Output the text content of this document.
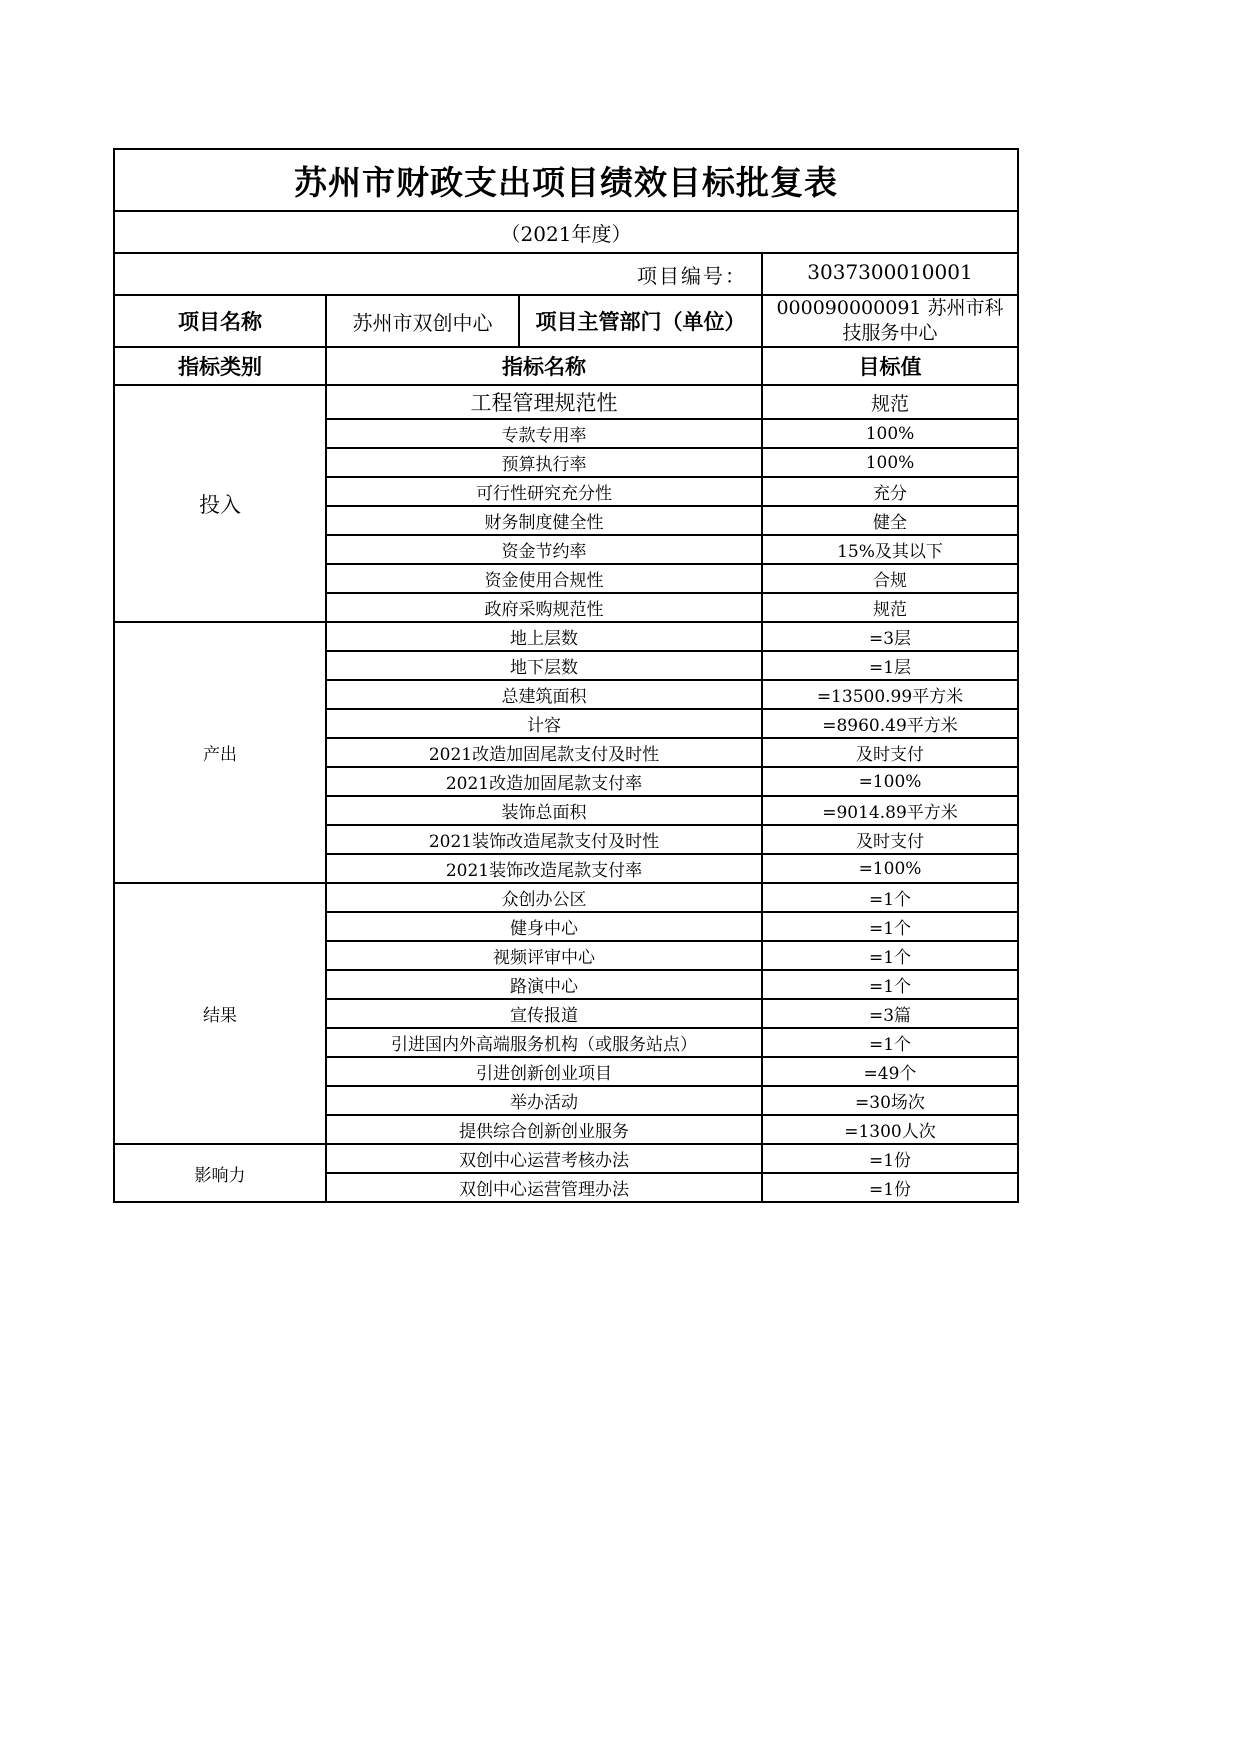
苏州市财政支出项目绩效目标批复表			
（2021年度）			
项目编号：			3037300010001
项目名称	苏州市双创中心	项目主管部门（单位）	000090000091 苏州市科技服务中心
指标类别	指标名称		目标值
投入	工程管理规范性		规范
	专款专用率		100%
	预算执行率		100%
	可行性研究充分性		充分
	财务制度健全性		健全
	资金节约率		15%及其以下
	资金使用合规性		合规
	政府采购规范性		规范
产出	地上层数		=3层
	地下层数		=1层
	总建筑面积		=13500.99平方米
	计容		=8960.49平方米
	2021改造加固尾款支付及时性		及时支付
	2021改造加固尾款支付率		=100%
	装饰总面积		=9014.89平方米
	2021装饰改造尾款支付及时性		及时支付
	2021装饰改造尾款支付率		=100%
结果	众创办公区		=1个
	健身中心		=1个
	视频评审中心		=1个
	路演中心		=1个
	宣传报道		=3篇
	引进国内外高端服务机构（或服务站点）		=1个
	引进创新创业项目		=49个
	举办活动		=30场次
	提供综合创新创业服务		=1300人次
影响力	双创中心运营考核办法		=1份
	双创中心运营管理办法		=1份
